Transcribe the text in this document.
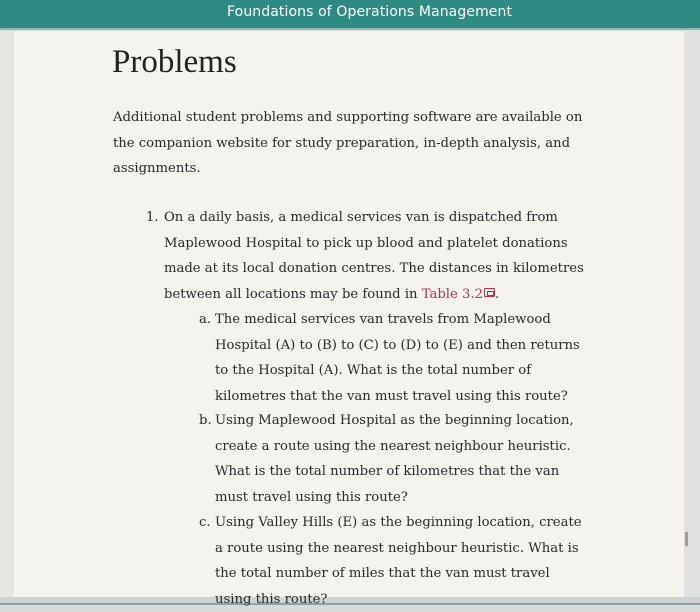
Foundations of Operations Management
Problems

Additional student problems and supporting software are available on the companion website for study preparation, in-depth analysis, and assignments.

1. On a daily basis, a medical services van is dispatched from Maplewood Hospital to pick up blood and platelet donations made at its local donation centres. The distances in kilometres between all locations may be found in Table 3.2 .
a. The medical services van travels from Maplewood Hospital (A) to (B) to (C) to (D) to (E) and then returns to the Hospital (A). What is the total number of kilometres that the van must travel using this route?
b. Using Maplewood Hospital as the beginning location, create a route using the nearest neighbour heuristic. What is the total number of kilometres that the van must travel using this route?
c. Using Valley Hills (E) as the beginning location, create a route using the nearest neighbour heuristic. What is the total number of miles that the van must travel using this route?
